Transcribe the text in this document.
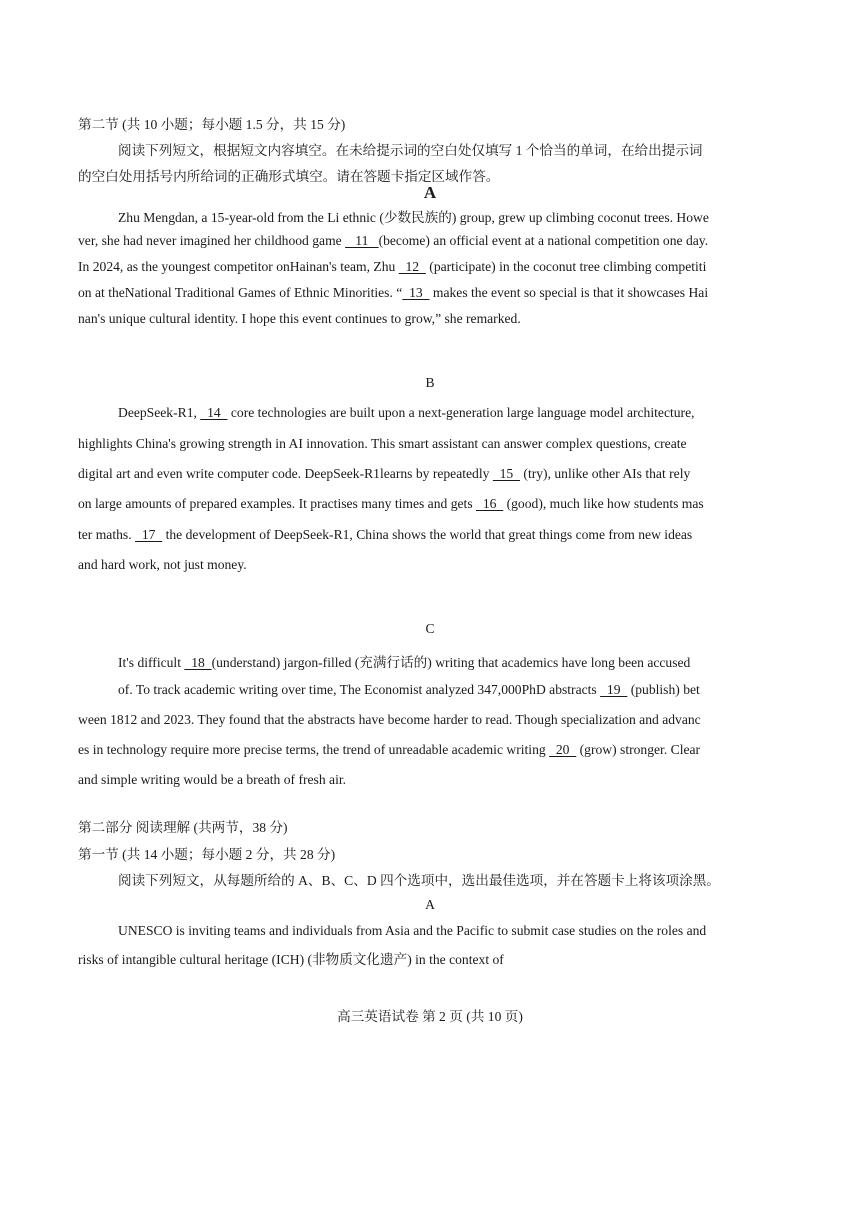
第二节 (共 10 小题；每小题 1.5 分，共 15 分)
阅读下列短文，根据短文内容填空。在未给提示词的空白处仅填写 1 个恰当的单词，在给出提示词
的空白处用括号内所给词的正确形式填空。请在答题卡指定区域作答。
A
Zhu Mengdan, a 15-year-old from the Li ethnic (少数民族的) group, grew up climbing coconut trees. Howe
ver, she had never imagined her childhood game    11   (become) an official event at a national competition one day.
In 2024, as the youngest competitor onHainan's team, Zhu   12   (participate) in the coconut tree climbing competiti
on at theNational Traditional Games of Ethnic Minorities. “  13   makes the event so special is that it showcases Hai
nan's unique cultural identity. I hope this event continues to grow,” she remarked.
B
DeepSeek-R1,   14   core technologies are built upon a next-generation large language model architecture,
highlights China's growing strength in AI innovation. This smart assistant can answer complex questions, create
digital art and even write computer code. DeepSeek-R1learns by repeatedly   15   (try), unlike other AIs that rely
on large amounts of prepared examples. It practises many times and gets   16   (good), much like how students mas
ter maths.   17   the development of DeepSeek-R1, China shows the world that great things come from new ideas
and hard work, not just money.
C
It's difficult   18  (understand) jargon-filled (充满行话的) writing that academics have long been accused
of. To track academic writing over time, The Economist analyzed 347,000PhD abstracts   19   (publish) bet
ween 1812 and 2023. They found that the abstracts have become harder to read. Though specialization and advanc
es in technology require more precise terms, the trend of unreadable academic writing   20   (grow) stronger. Clear
and simple writing would be a breath of fresh air.
第二部分 阅读理解 (共两节，38 分)
第一节 (共 14 小题；每小题 2 分，共 28 分)
阅读下列短文，从每题所给的 A、B、C、D 四个选项中，选出最佳选项，并在答题卡上将该项涂黑。
A
UNESCO is inviting teams and individuals from Asia and the Pacific to submit case studies on the roles and
risks of intangible cultural heritage (ICH) (非物质文化遗产) in the context of
高三英语试卷 第 2 页 (共 10 页)
